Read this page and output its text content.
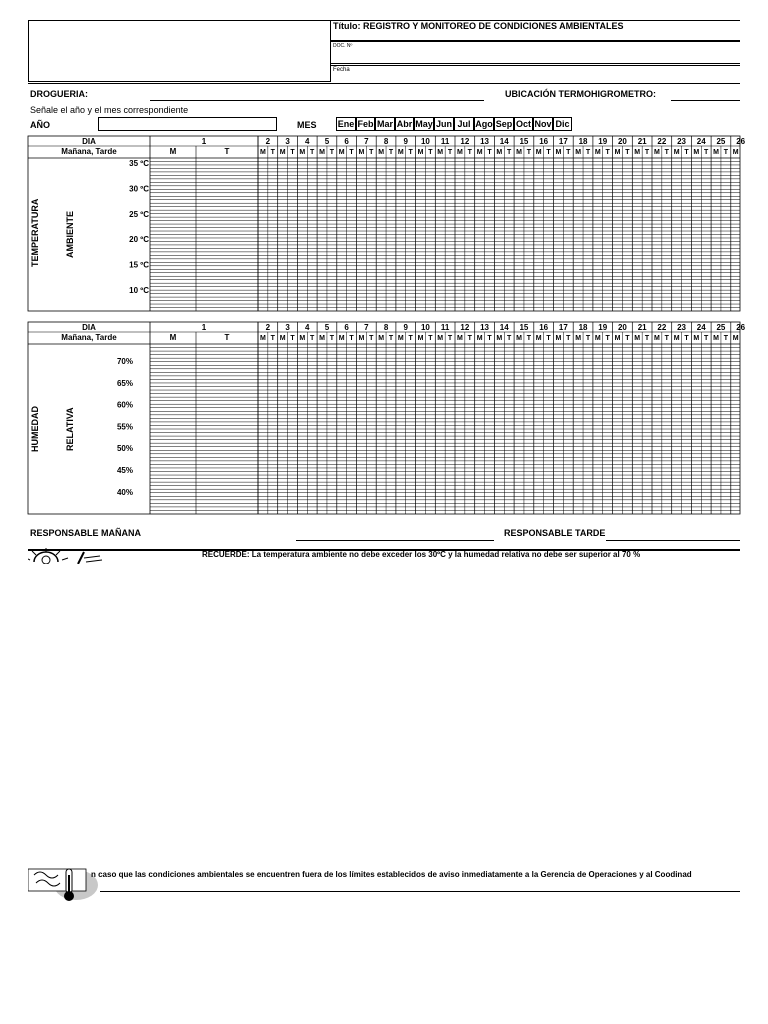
Título: REGISTRO Y MONITOREO DE CONDICIONES AMBIENTALES
DOC. Nº
Fecha
DROGUERIA:	UBICACIÓN TERMOHIGROMETRO:
Señale el año y el mes correspondiente
AÑO	MES Ene Feb Mar Abr May Jun Jul Ago Sep Oct Nov Dic
DIA
Mañana, Tarde
1
M	T
2
M T
3
M T
4
M T
5
M T
6
M T
7
M T
8
M T
9
M T
10
M T
11
M T
12
M T
13
M T
14
M T
15
M T
16
M T
17
M T
18
M T
19
M T
20
M T
21
M T
22
M T
23
M T
24
M T
25
M T
26
M
35 ºC
30 ºC
25 ºC
20 ºC
15 ºC
10 ºC
DIA
Mañana, Tarde
1
M	T
2
M T
3
M T
4
M T
5
M T
6
M T
7
M T
8
M T
9
M T
10
M T
11
M T
12
M T
13
M T
14
M T
15
M T
16
M T
17
M T
18
M T
19
M T
20
M T
21
M T
22
M T
23
M T
24
M T
25
M T
26
M
70%
65%
60%
55%
50%
45%
40%
TEMPERATURA	AMBIENTE
HUMEDAD	RELATIVA
RESPONSABLE MAÑANA	RESPONSABLE TARDE
RECUERDE: La temperatura ambiente no debe exceder los 30ºC y la humedad relativa no debe ser superior al 70 %
n caso que las condiciones ambientales se encuentren fuera de los límites establecidos de aviso inmediatamente a la Gerencia de Operaciones y al Coodinad
